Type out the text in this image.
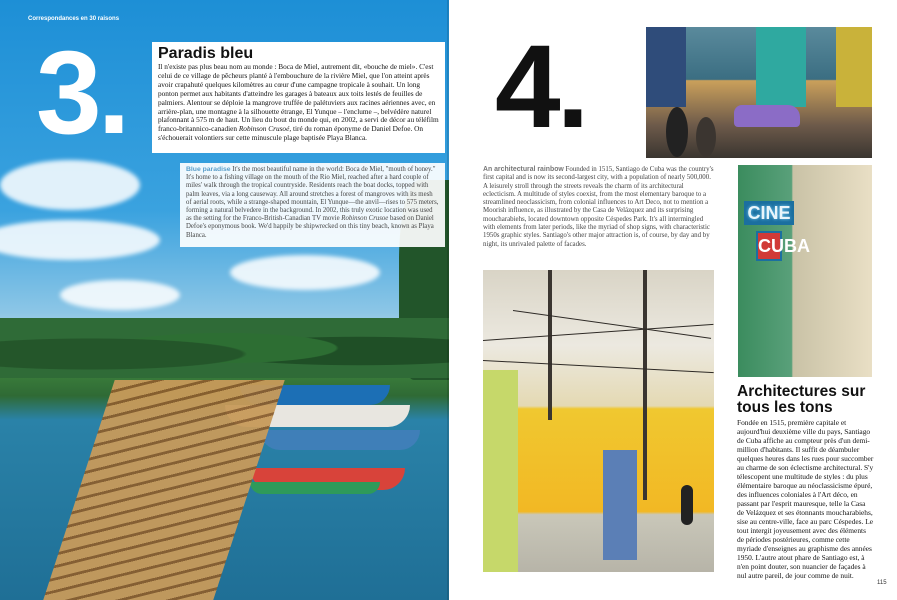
Correspondances en 30 raisons
3. Paradis bleu

Il n'existe pas plus beau nom au monde : Boca de Miel, autrement dit, «bouche de miel». C'est celui de ce village de pêcheurs planté à l'embouchure de la rivière Miel, que l'on atteint après avoir crapahuté quelques kilomètres au cœur d'une campagne tropicale à souhait. Un long ponton permet aux habitants d'atteindre les garages à bateaux aux toits lestés de feuilles de palmiers. Alentour se déploie la mangrove truffée de palétuviers aux racines aériennes avec, en arrière-plan, une montagne à la silhouette étrange, El Yunque – l'enclume –, belvédère naturel plafonnant à 575 m de haut. Un lieu du bout du monde qui, en 2002, a servi de décor au téléfilm franco-britannico-canadien Robinson Crusoé, tiré du roman éponyme de Daniel Defoe. On s'échouerait volontiers sur cette minuscule plage baptisée Playa Blanca.

Blue paradise It's the most beautiful name in the world: Boca de Miel, "mouth of honey." It's home to a fishing village on the mouth of the Rio Miel, reached after a hard couple of miles' walk through the tropical countryside. Residents reach the boat docks, topped with palm leaves, via a long causeway. All around stretches a forest of mangroves with its mesh of aerial roots, while a strange-shaped mountain, El Yunque—the anvil—rises to 575 meters, forming a natural belvedere in the background. In 2002, this truly exotic location was used as the setting for the Franco-British-Canadian TV movie Robinson Crusoe based on Daniel Defoe's eponymous book. We'd happily be shipwrecked on this tiny beach, known as Playa Blanca.

4.
CINE
CUBA

An architectural rainbow Founded in 1515, Santiago de Cuba was the country's first capital and is now its second-largest city, with a population of nearly 500,000. A leisurely stroll through the streets reveals the charm of its architectural eclecticism. A multitude of styles coexist, from the most elementary baroque to a streamlined neoclassicism, from colonial influences to Art Deco, not to mention a Moorish influence, as illustrated by the Casa de Velázquez and its surprising moucharabiehs, located downtown opposite Céspedes Park. It's all intermingled with elements from later periods, like the myriad of shop signs, with characteristic 1950s graphic styles. Santiago's other major attraction is, of course, by day and by night, its unrivaled palette of facades.

Architectures sur tous les tons

Fondée en 1515, première capitale et aujourd'hui deuxième ville du pays, Santiago de Cuba affiche au compteur près d'un demi-million d'habitants. Il suffit de déambuler quelques heures dans les rues pour succomber au charme de son éclectisme architectural. S'y télescopent une multitude de styles : du plus élémentaire baroque au néoclassicisme épuré, des influences coloniales à l'Art déco, en passant par l'esprit mauresque, telle la Casa de Velázquez et ses étonnants moucharabiehs, sise au centre-ville, face au parc Céspedes. Le tout intergit joyeusement avec des éléments de périodes postérieures, comme cette myriade d'enseignes au graphisme des années 1950. L'autre atout phare de Santiago est, à n'en point douter, son nuancier de façades à nul autre pareil, de jour comme de nuit.

115
